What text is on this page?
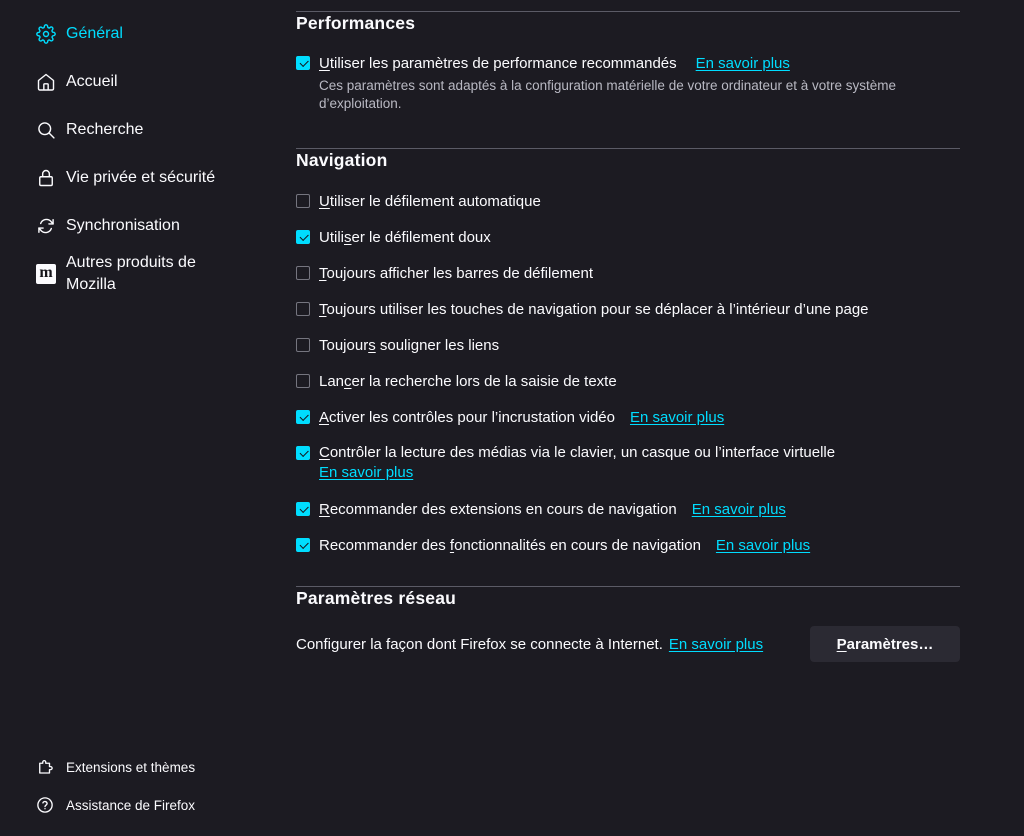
Général
Accueil
Recherche
Vie privée et sécurité
Synchronisation
m
Autres produits de Mozilla
Extensions et thèmes
Assistance de Firefox
Performances
Utiliser les paramètres de performance recommandés En savoir plus
Ces paramètres sont adaptés à la configuration matérielle de votre ordinateur et à votre système d’exploitation.
Navigation
Utiliser le défilement automatique
Utiliser le défilement doux
Toujours afficher les barres de défilement
Toujours utiliser les touches de navigation pour se déplacer à l’intérieur d’une page
Toujours souligner les liens
Lancer la recherche lors de la saisie de texte
Activer les contrôles pour l’incrustation vidéo En savoir plus
Contrôler la lecture des médias via le clavier, un casque ou l’interface virtuelle
En savoir plus
Recommander des extensions en cours de navigation En savoir plus
Recommander des fonctionnalités en cours de navigation En savoir plus
Paramètres réseau
Configurer la façon dont Firefox se connecte à Internet. En savoir plus	Paramètres…
